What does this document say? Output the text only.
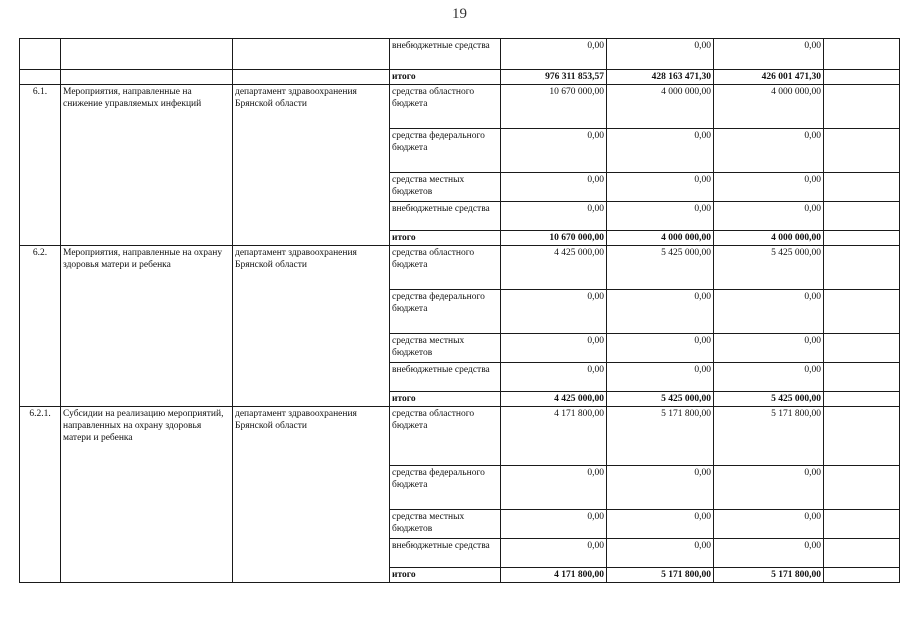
19
			внебюджетные средства	0,00	0,00	0,00	
			итого	976 311 853,57	428 163 471,30	426 001 471,30	
6.1.	Мероприятия, направленные на снижение управляемых инфекций	департамент здравоохранения Брянской области	средства областного бюджета	10 670 000,00	4 000 000,00	4 000 000,00	
			средства федерального бюджета	0,00	0,00	0,00	
			средства местных бюджетов	0,00	0,00	0,00	
			внебюджетные средства	0,00	0,00	0,00	
			итого	10 670 000,00	4 000 000,00	4 000 000,00	
6.2.	Мероприятия, направленные на охрану здоровья матери и ребенка	департамент здравоохранения Брянской области	средства областного бюджета	4 425 000,00	5 425 000,00	5 425 000,00	
			средства федерального бюджета	0,00	0,00	0,00	
			средства местных бюджетов	0,00	0,00	0,00	
			внебюджетные средства	0,00	0,00	0,00	
			итого	4 425 000,00	5 425 000,00	5 425 000,00	
6.2.1.	Субсидии на реализацию мероприятий, направленных на охрану здоровья матери и ребенка	департамент здравоохранения Брянской области	средства областного бюджета	4 171 800,00	5 171 800,00	5 171 800,00	
			средства федерального бюджета	0,00	0,00	0,00	
			средства местных бюджетов	0,00	0,00	0,00	
			внебюджетные средства	0,00	0,00	0,00	
			итого	4 171 800,00	5 171 800,00	5 171 800,00	
